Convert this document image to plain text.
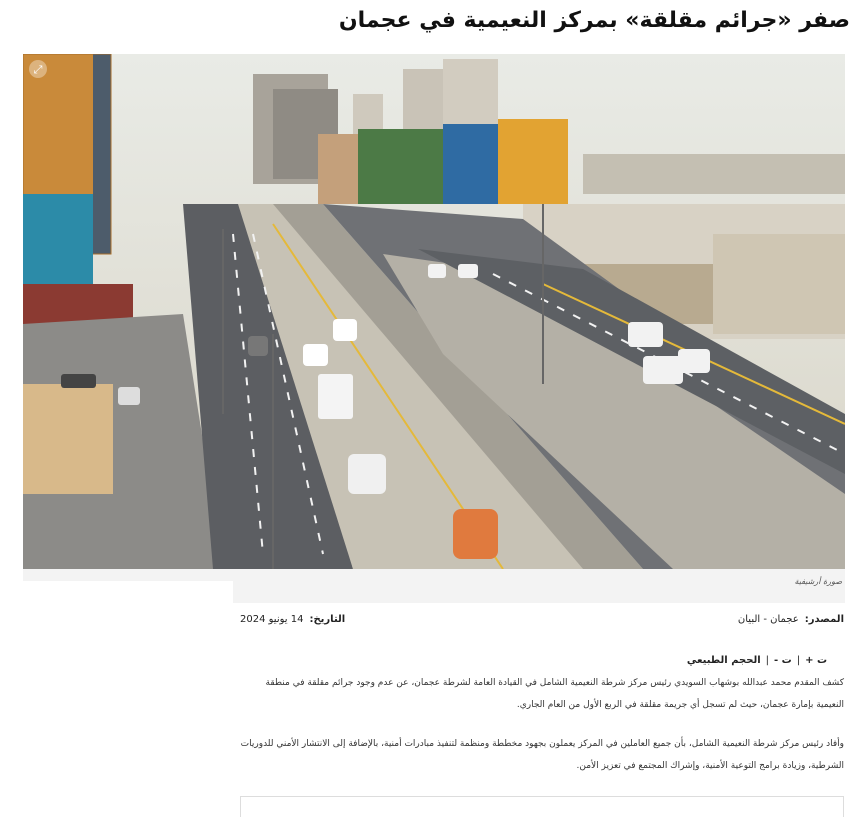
صفر «جرائم مقلقة» بمركز النعيمية في عجمان
⤢
صورة أرشيفية
المصدر:عجمان - البيان
التاريخ:14 يونيو 2024
ت +
|
ت -
|
الحجم الطبيعي

كشف المقدم محمد عبدالله بوشهاب السويدي رئيس مركز شرطة النعيمية الشامل في القيادة العامة لشرطة عجمان، عن عدم وجود جرائم مقلقة في منطقة النعيمية بإمارة عجمان، حيث لم تسجل أي جريمة مقلقة في الربع الأول من العام الجاري.

وأفاد رئيس مركز شرطة النعيمية الشامل، بأن جميع العاملين في المركز يعملون بجهود مخططة ومنظمة لتنفيذ مبادرات أمنية، بالإضافة إلى الانتشار الأمني للدوريات الشرطية، وزيادة برامج التوعية الأمنية، وإشراك المجتمع في تعزيز الأمن.
